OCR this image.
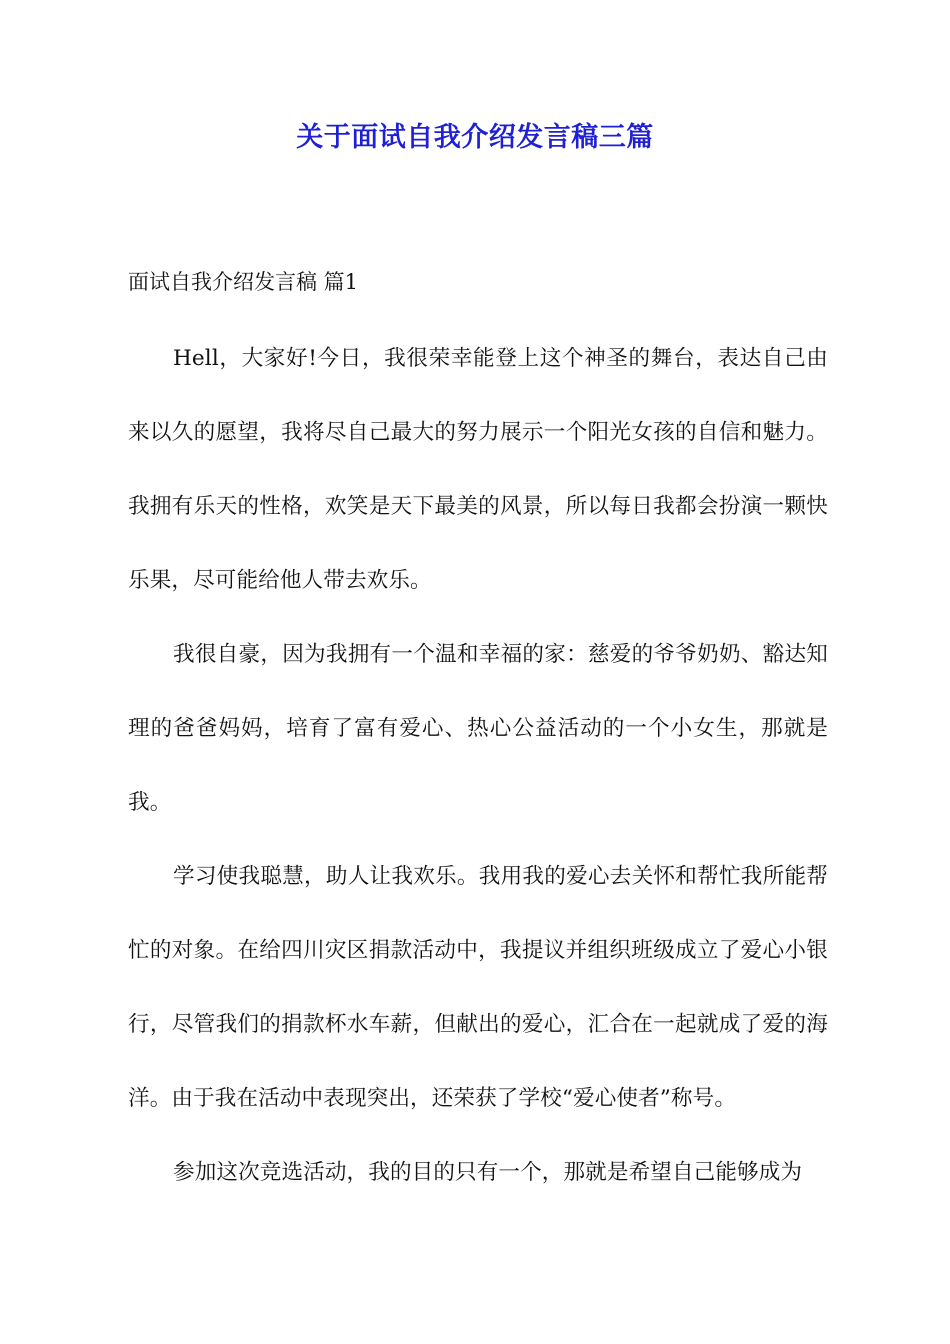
关于面试自我介绍发言稿三篇
面试自我介绍发言稿 篇1

Hell，大家好!今日，我很荣幸能登上这个神圣的舞台，表达自己由来以久的愿望，我将尽自己最大的努力展示一个阳光女孩的自信和魅力。我拥有乐天的性格，欢笑是天下最美的风景，所以每日我都会扮演一颗快乐果，尽可能给他人带去欢乐。

我很自豪，因为我拥有一个温和幸福的家：慈爱的爷爷奶奶、豁达知理的爸爸妈妈，培育了富有爱心、热心公益活动的一个小女生，那就是我。

学习使我聪慧，助人让我欢乐。我用我的爱心去关怀和帮忙我所能帮忙的对象。在给四川灾区捐款活动中，我提议并组织班级成立了爱心小银行，尽管我们的捐款杯水车薪，但献出的爱心，汇合在一起就成了爱的海洋。由于我在活动中表现突出，还荣获了学校“爱心使者”称号。

参加这次竞选活动，我的目的只有一个，那就是希望自己能够成为
